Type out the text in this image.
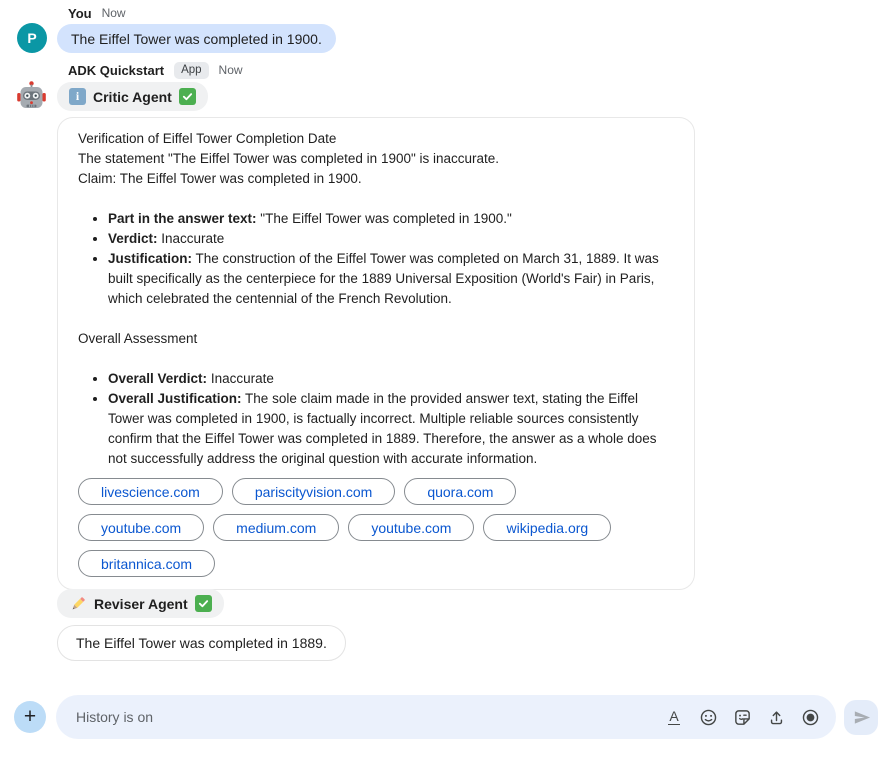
You Now
P The Eiffel Tower was completed in 1900.
ADK Quickstart	App	Now
i Critic Agent
Verification of Eiffel Tower Completion Date
The statement "The Eiffel Tower was completed in 1900" is inaccurate.
Claim: The Eiffel Tower was completed in 1900.
• Part in the answer text: "The Eiffel Tower was completed in 1900."
• Verdict: Inaccurate
• Justification: The construction of the Eiffel Tower was completed on March 31, 1889. It was built specifically as the centerpiece for the 1889 Universal Exposition (World's Fair) in Paris, which celebrated the centennial of the French Revolution.
Overall Assessment
• Overall Verdict: Inaccurate
• Overall Justification: The sole claim made in the provided answer text, stating the Eiffel Tower was completed in 1900, is factually incorrect. Multiple reliable sources consistently confirm that the Eiffel Tower was completed in 1889. Therefore, the answer as a whole does not successfully address the original question with accurate information.
livescience.com	pariscityvision.com	quora.com
youtube.com	medium.com	youtube.com	wikipedia.org
britannica.com
Reviser Agent
The Eiffel Tower was completed in 1889.
+
History is on	A
